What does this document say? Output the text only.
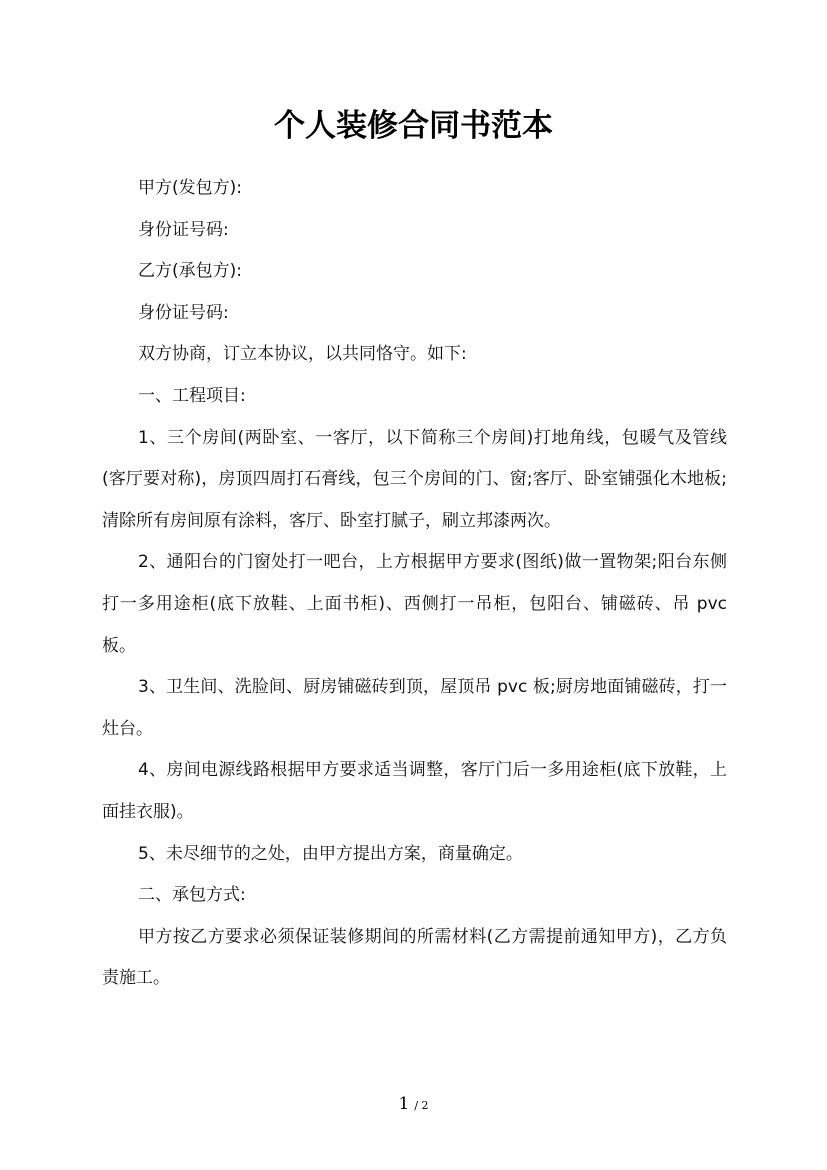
个人装修合同书范本

甲方(发包方):

身份证号码:

乙方(承包方):

身份证号码:

双方协商，订立本协议，以共同恪守。如下:

一、工程项目:

1、三个房间(两卧室、一客厅，以下简称三个房间)打地角线，包暖气及管线(客厅要对称)，房顶四周打石膏线，包三个房间的门、窗;客厅、卧室铺强化木地板;清除所有房间原有涂料，客厅、卧室打腻子，刷立邦漆两次。

2、通阳台的门窗处打一吧台，上方根据甲方要求(图纸)做一置物架;阳台东侧打一多用途柜(底下放鞋、上面书柜)、西侧打一吊柜，包阳台、铺磁砖、吊 pvc 板。

3、卫生间、洗脸间、厨房铺磁砖到顶，屋顶吊 pvc 板;厨房地面铺磁砖，打一灶台。

4、房间电源线路根据甲方要求适当调整，客厅门后一多用途柜(底下放鞋，上面挂衣服)。

5、未尽细节的之处，由甲方提出方案，商量确定。

二、承包方式:

甲方按乙方要求必须保证装修期间的所需材料(乙方需提前通知甲方)，乙方负责施工。

1 / 2
